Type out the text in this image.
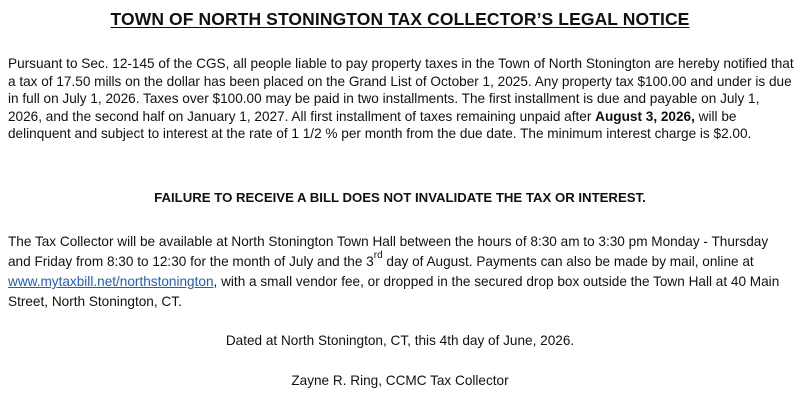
TOWN OF NORTH STONINGTON TAX COLLECTOR’S LEGAL NOTICE

Pursuant to Sec. 12-145 of the CGS, all people liable to pay property taxes in the Town of North Stonington are hereby notified that a tax of 17.50 mills on the dollar has been placed on the Grand List of October 1, 2025. Any property tax $100.00 and under is due in full on July 1, 2026. Taxes over $100.00 may be paid in two installments. The first installment is due and payable on July 1, 2026, and the second half on January 1, 2027. All first installment of taxes remaining unpaid after August 3, 2026, will be delinquent and subject to interest at the rate of 1 1/2 % per month from the due date. The minimum interest charge is $2.00.

FAILURE TO RECEIVE A BILL DOES NOT INVALIDATE THE TAX OR INTEREST.

The Tax Collector will be available at North Stonington Town Hall between the hours of 8:30 am to 3:30 pm Monday - Thursday and Friday from 8:30 to 12:30 for the month of July and the 3rd day of August. Payments can also be made by mail, online at www.mytaxbill.net/northstonington, with a small vendor fee, or dropped in the secured drop box outside the Town Hall at 40 Main Street, North Stonington, CT.

Dated at North Stonington, CT, this 4th day of June, 2026.
Zayne R. Ring, CCMC Tax Collector
